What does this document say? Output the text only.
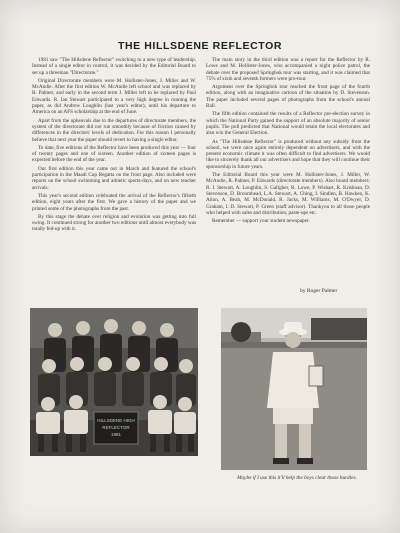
THE HILLSDENE REFLECTOR

1981 saw "The Hillsdene Reflector" switching to a new type of leadership. Instead of a single editor in control, it was decided by the Editorial Board to set up a threeman "Directorate."

Original Directorate members were M. Hollister-Jones, J. Miller and W. McAndie. After the first edition W. McAndie left school and was replaced by R. Palmer, and early in the second term J. Miller left to be replaced by Paul Edwards. R. Ian Stewart participated to a very high degree in running the paper, as did Andrew Loughlin (last year's editor), until his departure to America on an AFS scholarship at the end of June.

Apart from the upheavals due to the departures of directorate members, the system of the directorate did not run smoothly because of friction caused by differences in the directors' levels of dedication. For this reason I personally believe that next year the paper should revert to having a single editor.

To date, five editions of the Reflector have been produced this year — four of twenty pages and one of sixteen. Another edition of sixteen pages is expected before the end of the year.

Our first edition this year came out in March and featured the school's participation in the Maadi Cup Regatta on the front page. Also included were reports on the school swimming and athletic sports-days, and on new teacher arrivals.

This year's second edition celebrated the arrival of the Reflector's fiftieth edition, eight years after the first. We gave a history of the paper and we printed some of the photographs from the past.

By this stage the debate over religion and evolution was getting into full swing. It continued strong for another two editions until almost everybody was totally fed-up with it.

The main story in the third edition was a report for the Reflector by R. Lowe and M. Hollister-Jones, who accompanied a night police patrol, the debate over the proposed Springbok tour was starting, and it was claimed that 75% of sixth and seventh formers were pro-tour.

Argument over the Springbok tour reached the front page of the fourth edition, along with an imaginative cartoon of the situation by D. Stevenson. The paper included several pages of photographs from the school's annual Ball.

The fifth edition contained the results of a Reflector pre-election survey in which the National Party gained the support of an absolute majority of senior pupils. The poll predicted that National would retain the local electorates and also win the General Election.

As "The Hillsdene Reflector" is produced without any subsidy from the school, we were once again entirely dependent on advertisers, and with the present economic climate it was often difficult to find advertisers. We would like to sincerely thank all our advertisers and hope that they will continue their sponsorship in future years.

The Editorial Board this year were M. Hollister-Jones, J. Miller, W. McAndie, R. Palmer, P. Edwards (directorate members). Also board members: R. I. Stewart, A. Loughlin, S. Gallgher, R. Lowe, P. Wishart, R. Krishnan, D. Stevenson, D. Broomhead, L.A. Stewart, A. Ching, I. Sindlen, B. Hawken, K. Aitun, A. Beah, M. McDonald, R. Jacks, M. Williams, M. O'Dwyer, D. Graham, I. D. Stewart, P. Green (staff advisor). Thankyou to all those people who helped with sales and distribution, paste-ups etc.

Remember — support your student newspaper.

by Roger Palmer
HILLSDENE HIGH
REFLECTOR
1981
Maybe if I use this it'll help the boys clear those hurdles.
